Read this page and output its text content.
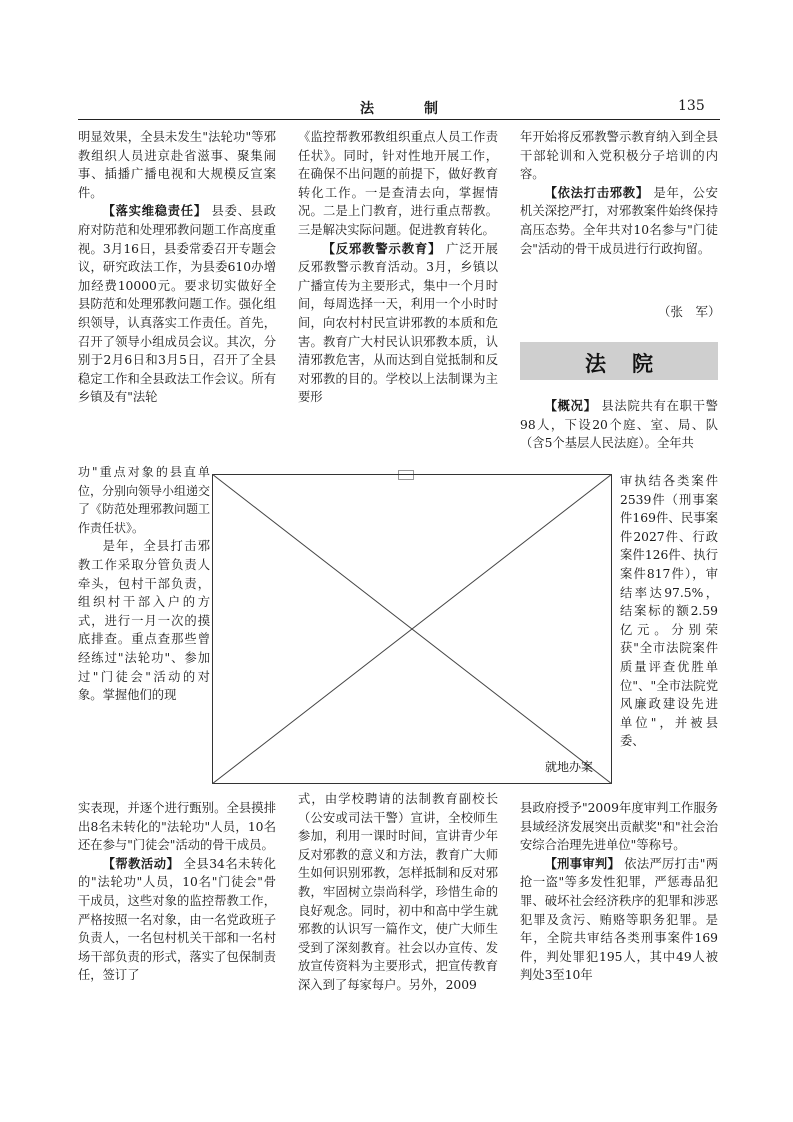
法　制	135

明显效果，全县未发生"法轮功"等邪教组织人员进京赴省滋事、聚集闹事、插播广播电视和大规模反宣案件。

【落实维稳责任】 县委、县政府对防范和处理邪教问题工作高度重视。3月16日，县委常委召开专题会议，研究政法工作，为县委610办增加经费10000元。要求切实做好全县防范和处理邪教问题工作。强化组织领导，认真落实工作责任。首先，召开了领导小组成员会议。其次，分别于2月6日和3月5日，召开了全县稳定工作和全县政法工作会议。所有乡镇及有"法轮

功"重点对象的县直单位，分别向领导小组递交了《防范处理邪教问题工作责任状》。

是年，全县打击邪教工作采取分管负责人牵头，包村干部负责，组织村干部入户的方式，进行一月一次的摸底排查。重点查那些曾经练过"法轮功"、参加过"门徒会"活动的对象。掌握他们的现

实表现，并逐个进行甄别。全县摸排出8名未转化的"法轮功"人员，10名还在参与"门徒会"活动的骨干成员。

【帮教活动】 全县34名未转化的"法轮功"人员，10名"门徒会"骨干成员，这些对象的监控帮教工作，严格按照一名对象，由一名党政班子负责人，一名包村机关干部和一名村场干部负责的形式，落实了包保制责任，签订了

《监控帮教邪教组织重点人员工作责任状》。同时，针对性地开展工作，在确保不出问题的前提下，做好教育转化工作。一是查清去向，掌握情况。二是上门教育，进行重点帮教。三是解决实际问题。促进教育转化。

【反邪教警示教育】 广泛开展反邪教警示教育活动。3月，乡镇以广播宣传为主要形式，集中一个月时间，每周选择一天，利用一个小时时间，向农村村民宣讲邪教的本质和危害。教育广大村民认识邪教本质，认清邪教危害，从而达到自觉抵制和反对邪教的目的。学校以上法制课为主要形

式，由学校聘请的法制教育副校长（公安或司法干警）宣讲，全校师生参加，利用一课时时间，宣讲青少年反对邪教的意义和方法，教育广大师生如何识别邪教，怎样抵制和反对邪教，牢固树立崇尚科学，珍惜生命的良好观念。同时，初中和高中学生就邪教的认识写一篇作文，使广大师生受到了深刻教育。社会以办宣传、发放宣传资料为主要形式，把宣传教育深入到了每家每户。另外，2009

年开始将反邪教警示教育纳入到全县干部轮训和入党积极分子培训的内容。

【依法打击邪教】 是年，公安机关深挖严打，对邪教案件始终保持高压态势。全年共对10名参与"门徒会"活动的骨干成员进行行政拘留。

（张　军）
法院

【概况】 县法院共有在职干警98人，下设20个庭、室、局、队（含5个基层人民法庭）。全年共

审执结各类案件2539件（刑事案件169件、民事案件2027件、行政案件126件、执行案件817件），审结率达97.5%，结案标的额2.59亿元。分别荣获"全市法院案件质量评查优胜单位"、"全市法院党风廉政建设先进单位"，并被县委、

县政府授予"2009年度审判工作服务县域经济发展突出贡献奖"和"社会治安综合治理先进单位"等称号。

【刑事审判】 依法严厉打击"两抢一盗"等多发性犯罪，严惩毒品犯罪、破坏社会经济秩序的犯罪和涉恶犯罪及贪污、贿赂等职务犯罪。是年，全院共审结各类刑事案件169件，判处罪犯195人，其中49人被判处3至10年

就地办案
